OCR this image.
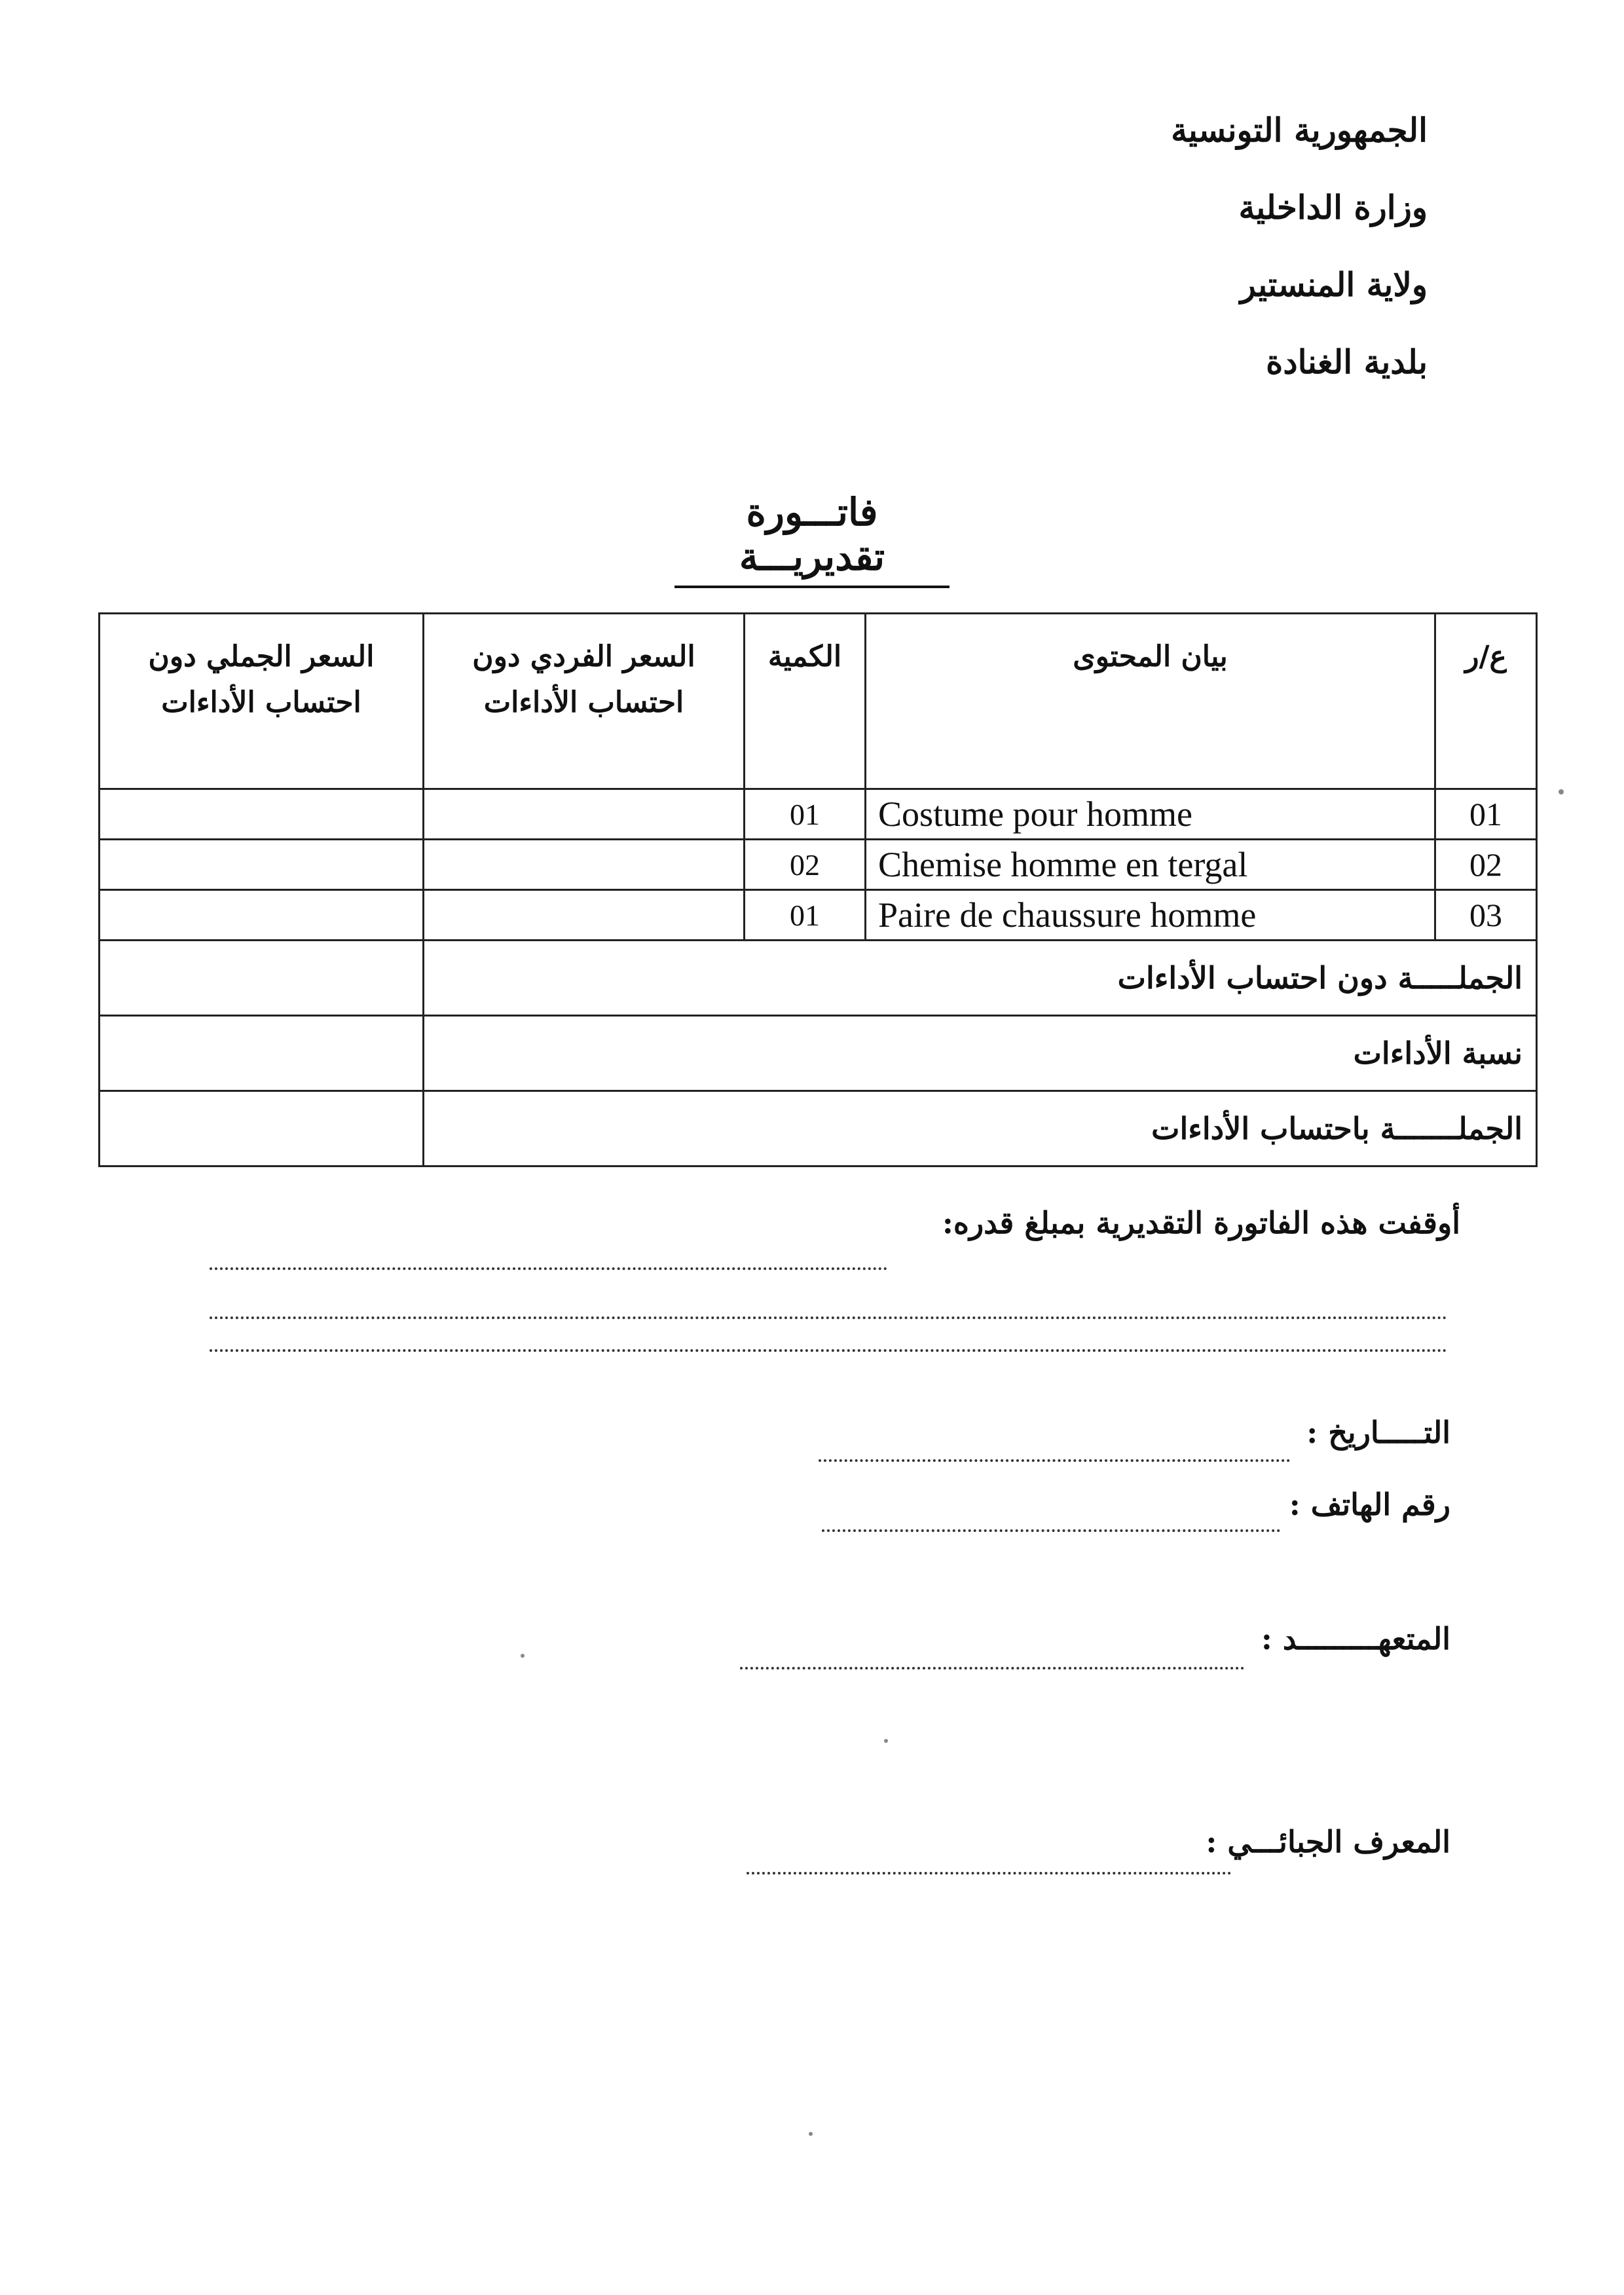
الجمهورية التونسية
وزارة الداخلية
ولاية المنستير
بلدية الغنادة
فاتـــورة تقديريـــة
ع/ر	بيان المحتوى	الكمية	السعر الفردي دون احتساب الأداءات	السعر الجملي دون احتساب الأداءات
01	Costume pour homme	01		
02	Chemise homme en tergal	02		
03	Paire de chaussure homme	01		
الجملـــــة دون احتساب الأداءات				
نسبة الأداءات				
الجملـــــــة باحتساب الأداءات				
أوقفت هذه الفاتورة التقديرية بمبلغ قدره:
التـــــاريخ :
رقم الهاتف :
المتعهـــــــــد :
المعرف الجبائـــي :
